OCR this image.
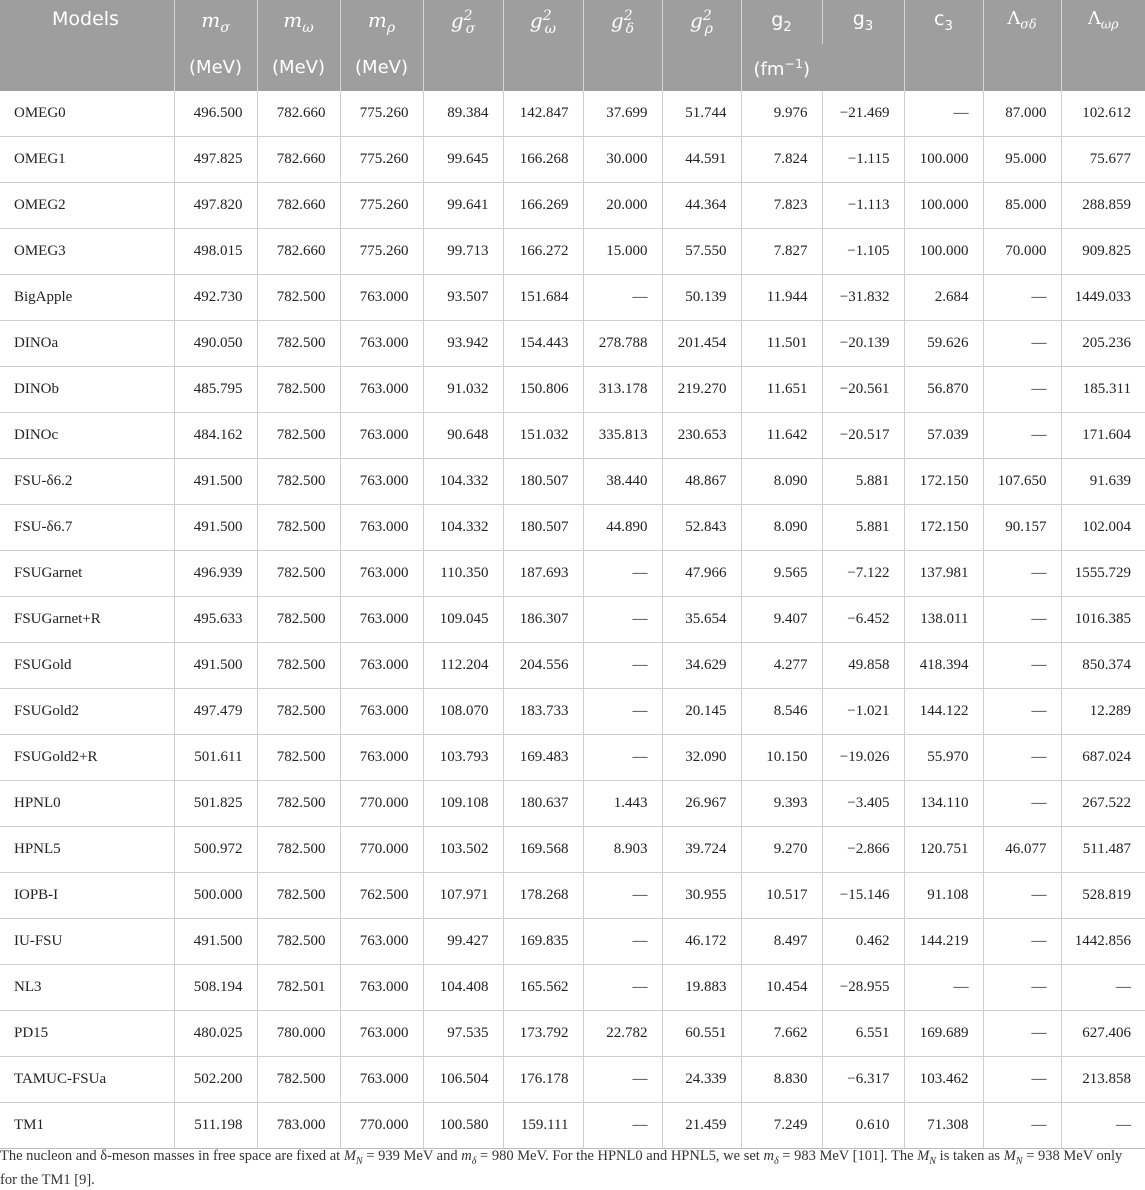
Models	$m_\sigma$	$m_\omega$	$m_\rho$	$g^2_\sigma$	$g^2_\omega$	$g^2_\delta$	$g^2_\rho$	$g_2$	$g_3$	$c_3$	$\Lambda_{\sigma\delta}$	$\Lambda_{\omega\rho}$
	(MeV)	(MeV)	(MeV)					$(fm^{-1})$				
OMEG0	496.500	782.660	775.260	89.384	142.847	37.699	51.744	9.976	−21.469	—	87.000	102.612
OMEG1	497.825	782.660	775.260	99.645	166.268	30.000	44.591	7.824	−1.115	100.000	95.000	75.677
OMEG2	497.820	782.660	775.260	99.641	166.269	20.000	44.364	7.823	−1.113	100.000	85.000	288.859
OMEG3	498.015	782.660	775.260	99.713	166.272	15.000	57.550	7.827	−1.105	100.000	70.000	909.825
BigApple	492.730	782.500	763.000	93.507	151.684	—	50.139	11.944	−31.832	2.684	—	1449.033
DINOa	490.050	782.500	763.000	93.942	154.443	278.788	201.454	11.501	−20.139	59.626	—	205.236
DINOb	485.795	782.500	763.000	91.032	150.806	313.178	219.270	11.651	−20.561	56.870	—	185.311
DINOc	484.162	782.500	763.000	90.648	151.032	335.813	230.653	11.642	−20.517	57.039	—	171.604
FSU-δ6.2	491.500	782.500	763.000	104.332	180.507	38.440	48.867	8.090	5.881	172.150	107.650	91.639
FSU-δ6.7	491.500	782.500	763.000	104.332	180.507	44.890	52.843	8.090	5.881	172.150	90.157	102.004
FSUGarnet	496.939	782.500	763.000	110.350	187.693	—	47.966	9.565	−7.122	137.981	—	1555.729
FSUGarnet+R	495.633	782.500	763.000	109.045	186.307	—	35.654	9.407	−6.452	138.011	—	1016.385
FSUGold	491.500	782.500	763.000	112.204	204.556	—	34.629	4.277	49.858	418.394	—	850.374
FSUGold2	497.479	782.500	763.000	108.070	183.733	—	20.145	8.546	−1.021	144.122	—	12.289
FSUGold2+R	501.611	782.500	763.000	103.793	169.483	—	32.090	10.150	−19.026	55.970	—	687.024
HPNL0	501.825	782.500	770.000	109.108	180.637	1.443	26.967	9.393	−3.405	134.110	—	267.522
HPNL5	500.972	782.500	770.000	103.502	169.568	8.903	39.724	9.270	−2.866	120.751	46.077	511.487
IOPB-I	500.000	782.500	762.500	107.971	178.268	—	30.955	10.517	−15.146	91.108	—	528.819
IU-FSU	491.500	782.500	763.000	99.427	169.835	—	46.172	8.497	0.462	144.219	—	1442.856
NL3	508.194	782.501	763.000	104.408	165.562	—	19.883	10.454	−28.955	—	—	—
PD15	480.025	780.000	763.000	97.535	173.792	22.782	60.551	7.662	6.551	169.689	—	627.406
TAMUC-FSUa	502.200	782.500	763.000	106.504	176.178	—	24.339	8.830	−6.317	103.462	—	213.858
TM1	511.198	783.000	770.000	100.580	159.111	—	21.459	7.249	0.610	71.308	—	—
The nucleon and δ-meson masses in free space are fixed at $M_N = 939$ MeV and $m_\delta = 980$ MeV. For the HPNL0 and HPNL5, we set $m_\delta = 983$ MeV [101]. The $M_N$ is taken as $M_N = 938$ MeV only for the TM1 [9].
